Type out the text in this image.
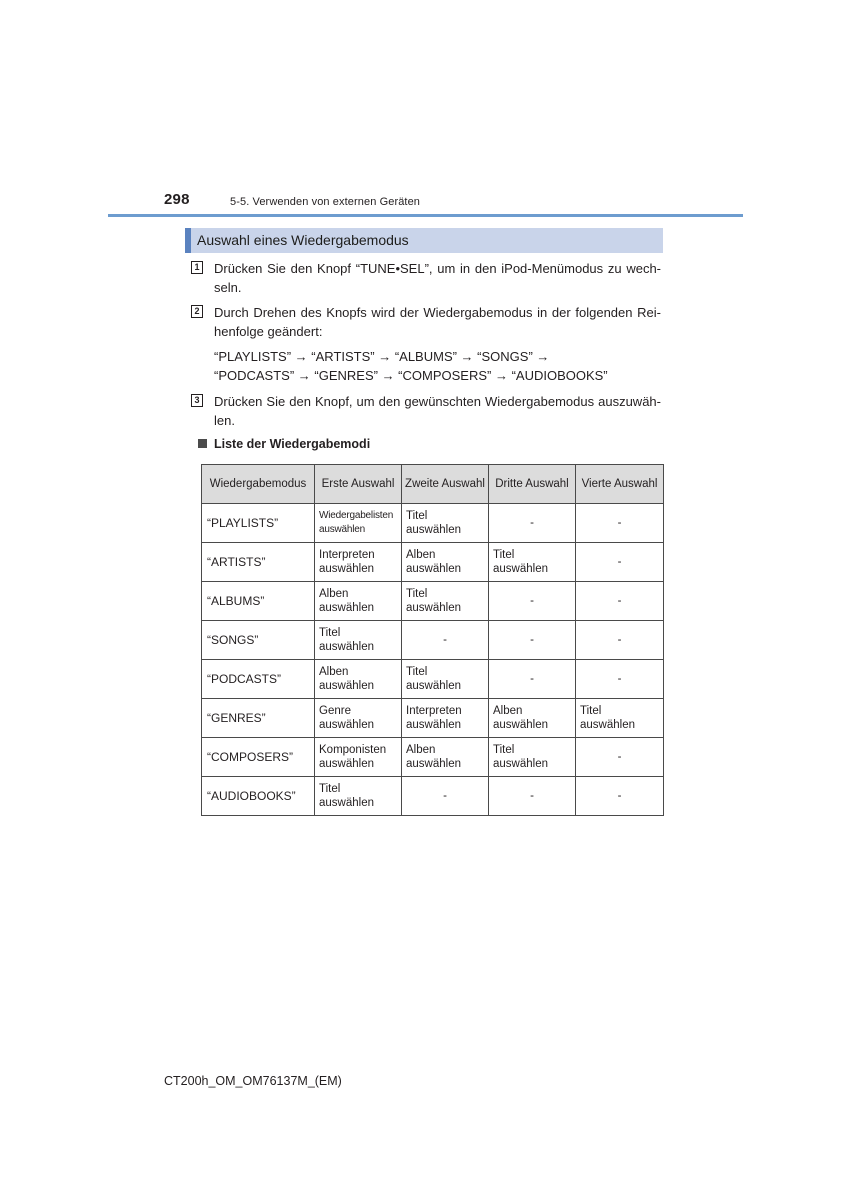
298	5-5. Verwenden von externen Geräten
Auswahl eines Wiedergabemodus
1 Drücken Sie den Knopf “TUNE•SEL”, um in den iPod-Menümodus zu wech-seln.
2 Durch Drehen des Knopfs wird der Wiedergabemodus in der folgenden Rei-henfolge geändert:
“PLAYLISTS” → “ARTISTS” → “ALBUMS” → “SONGS” →
“PODCASTS” → “GENRES” → “COMPOSERS” → “AUDIOBOOKS”
3 Drücken Sie den Knopf, um den gewünschten Wiedergabemodus auszuwäh-len.
Liste der Wiedergabemodi
Wiedergabemodus	Erste Auswahl	Zweite Auswahl	Dritte Auswahl	Vierte Auswahl
“PLAYLISTS”	Wiedergabelisten auswählen	Titel auswählen	-	-
“ARTISTS”	Interpreten auswählen	Alben auswählen	Titel auswählen	-
“ALBUMS”	Alben auswählen	Titel auswählen	-	-
“SONGS”	Titel auswählen	-	-	-
“PODCASTS”	Alben auswählen	Titel auswählen	-	-
“GENRES”	Genre auswählen	Interpreten auswählen	Alben auswählen	Titel auswählen
“COMPOSERS”	Komponisten auswählen	Alben auswählen	Titel auswählen	-
“AUDIOBOOKS”	Titel auswählen	-	-	-
CT200h_OM_OM76137M_(EM)
